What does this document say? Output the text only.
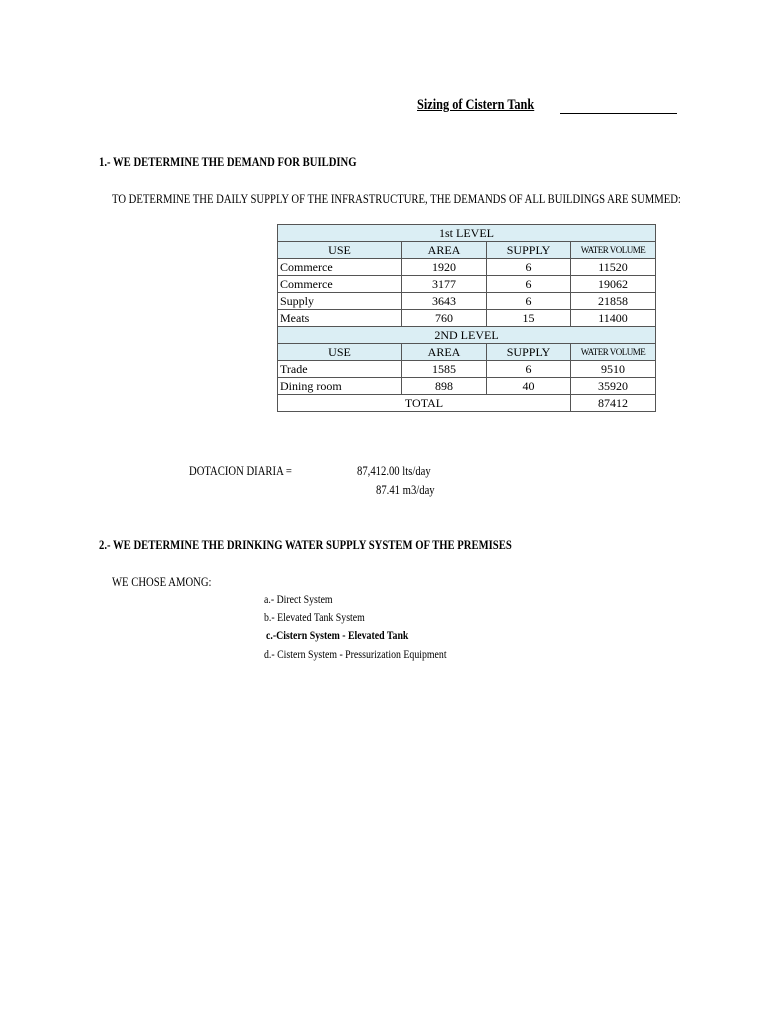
Sizing of Cistern Tank
1.- WE DETERMINE THE DEMAND FOR BUILDING
TO DETERMINE THE DAILY SUPPLY OF THE INFRASTRUCTURE, THE DEMANDS OF ALL BUILDINGS ARE SUMMED:
1st LEVEL			
USE	AREA	SUPPLY	WATER VOLUME
Commerce	1920	6	11520
Commerce	3177	6	19062
Supply	3643	6	21858
Meats	760	15	11400
2ND LEVEL			
USE	AREA	SUPPLY	WATER VOLUME
Trade	1585	6	9510
Dining room	898	40	35920
TOTAL			87412
DOTACION DIARIA =	87,412.00 lts/day
87.41 m3/day
2.- WE DETERMINE THE DRINKING WATER SUPPLY SYSTEM OF THE PREMISES
WE CHOSE AMONG:
a.- Direct System
b.- Elevated Tank System
c.-Cistern System - Elevated Tank
d.- Cistern System - Pressurization Equipment
